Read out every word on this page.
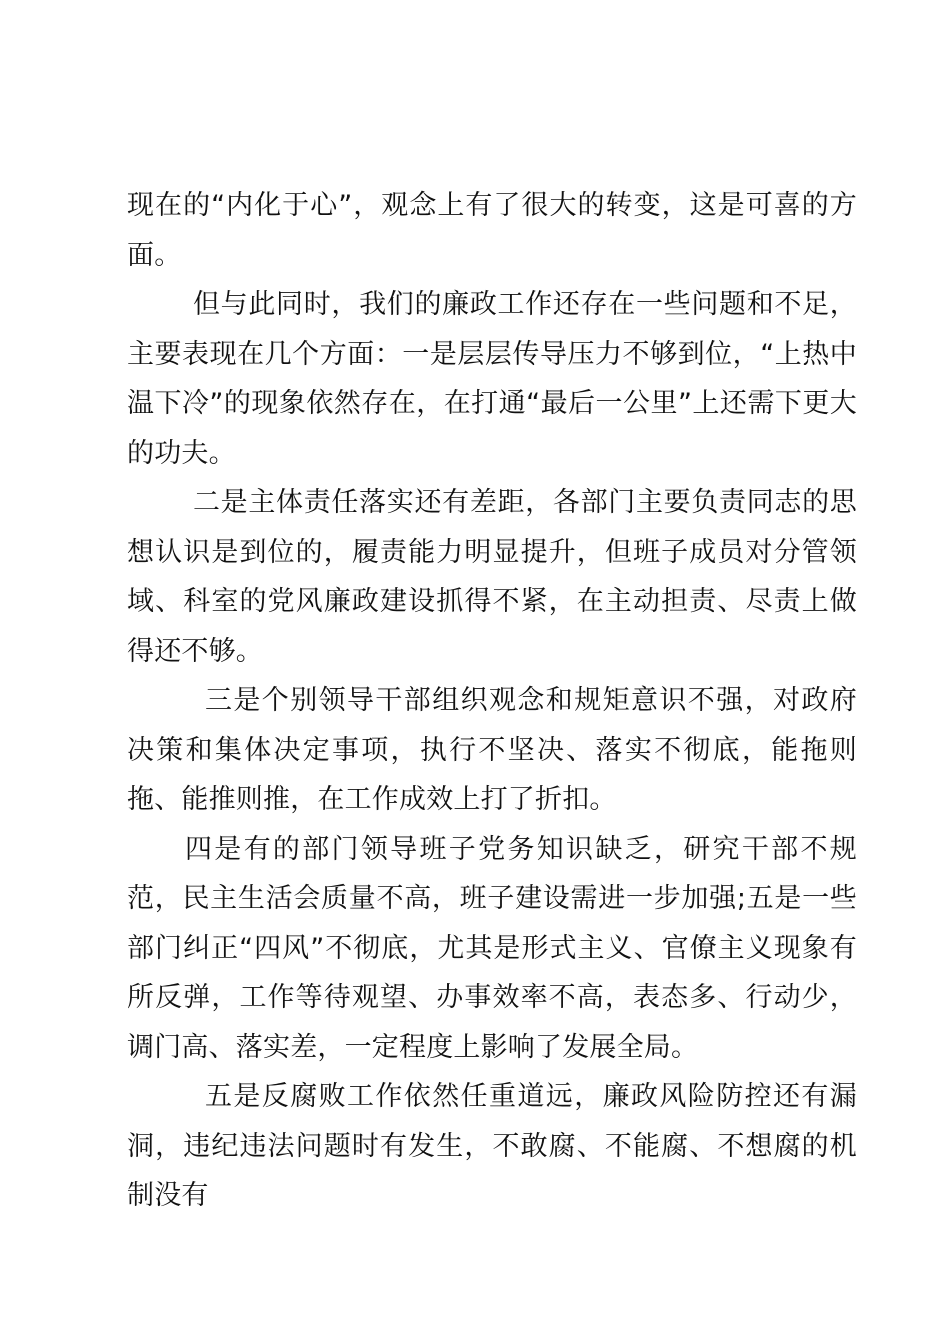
现在的“内化于心”，观念上有了很大的转变，这是可喜的方面。

但与此同时，我们的廉政工作还存在一些问题和不足，主要表现在几个方面：一是层层传导压力不够到位，“上热中温下冷”的现象依然存在，在打通“最后一公里”上还需下更大的功夫。

二是主体责任落实还有差距，各部门主要负责同志的思想认识是到位的，履责能力明显提升，但班子成员对分管领域、科室的党风廉政建设抓得不紧，在主动担责、尽责上做得还不够。

三是个别领导干部组织观念和规矩意识不强，对政府决策和集体决定事项，执行不坚决、落实不彻底，能拖则拖、能推则推，在工作成效上打了折扣。

四是有的部门领导班子党务知识缺乏，研究干部不规范，民主生活会质量不高，班子建设需进一步加强;五是一些部门纠正“四风”不彻底，尤其是形式主义、官僚主义现象有所反弹，工作等待观望、办事效率不高，表态多、行动少，调门高、落实差，一定程度上影响了发展全局。

五是反腐败工作依然任重道远，廉政风险防控还有漏洞，违纪违法问题时有发生，不敢腐、不能腐、不想腐的机制没有
